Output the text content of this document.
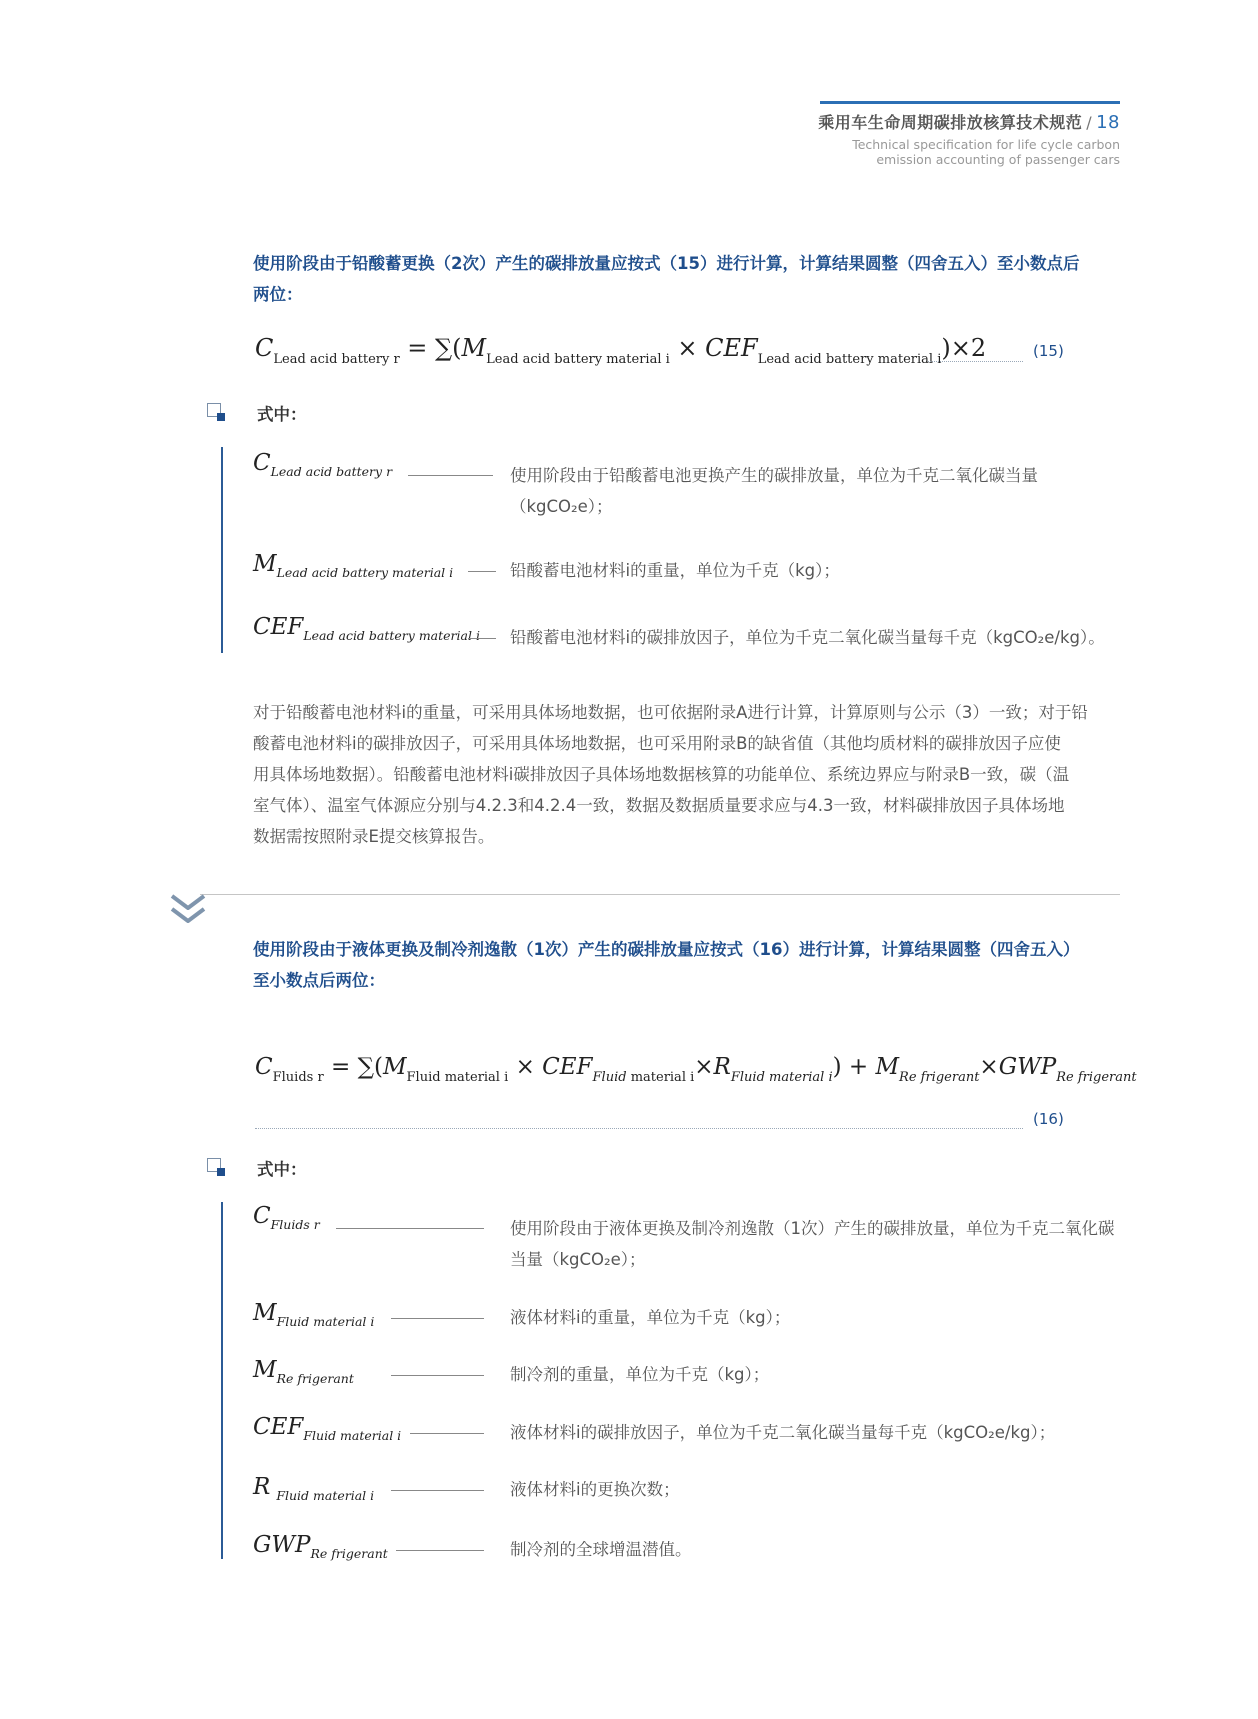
乘用车生命周期碳排放核算技术规范 / 18
Technical specification for life cycle carbon
emission accounting of passenger cars
使用阶段由于铅酸蓄更换（2次）产生的碳排放量应按式（15）进行计算，计算结果圆整（四舍五入）至小数点后
两位：
$C_{Lead acid battery r} = \sum(M_{Lead acid battery material i} \times CEF_{Lead acid battery material i})\times 2$	(15)
式中：
$C_{Lead acid battery r}$	使用阶段由于铅酸蓄电池更换产生的碳排放量，单位为千克二氧化碳当量（kgCO₂e）；
$M_{Lead acid battery material i}$	铅酸蓄电池材料i的重量，单位为千克（kg）；
$CEF_{Lead acid battery material i}$ 铅酸蓄电池材料i的碳排放因子，单位为千克二氧化碳当量每千克（kgCO₂e/kg）。
对于铅酸蓄电池材料i的重量，可采用具体场地数据，也可依据附录A进行计算，计算原则与公示（3）一致；对于铅
酸蓄电池材料i的碳排放因子，可采用具体场地数据，也可采用附录B的缺省值（其他均质材料的碳排放因子应使
用具体场地数据）。铅酸蓄电池材料i碳排放因子具体场地数据核算的功能单位、系统边界应与附录B一致，碳（温
室气体）、温室气体源应分别与4.2.3和4.2.4一致，数据及数据质量要求应与4.3一致，材料碳排放因子具体场地
数据需按照附录E提交核算报告。
使用阶段由于液体更换及制冷剂逸散（1次）产生的碳排放量应按式（16）进行计算，计算结果圆整（四舍五入）
至小数点后两位：
$C_{Fluids r} = \sum(M_{Fluid material i} \times CEF_{Fluid}$ $_{material i}\times R_{Fluid material i}) + M_{Re frigerant}\times GWP_{Re frigerant}$
(16)
式中：
$C_{Fluids r}$	使用阶段由于液体更换及制冷剂逸散（1次）产生的碳排放量，单位为千克二氧化碳当量（kgCO₂e）；
$M_{Fluid material i}$	液体材料i的重量，单位为千克（kg）；
$M_{Re frigerant}$	制冷剂的重量，单位为千克（kg）；
$CEF_{Fluid material i}$	液体材料i的碳排放因子，单位为千克二氧化碳当量每千克（kgCO₂e/kg）；
R $_{Fluid material i}$	液体材料i的更换次数；
$GWP_{Re frigerant}$	制冷剂的全球增温潜值。
